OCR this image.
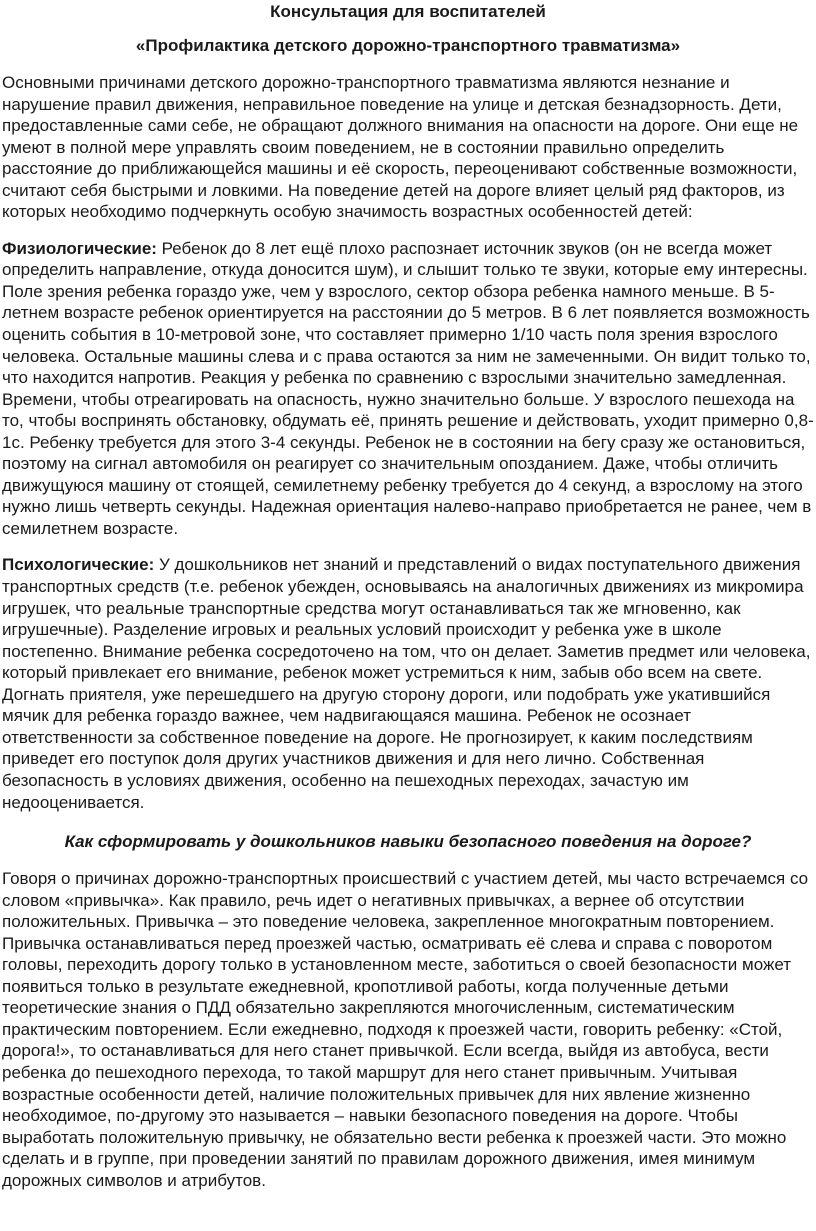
Консультация для воспитателей

«Профилактика детского дорожно-транспортного травматизма»

Основными причинами детского дорожно-транспортного травматизма являются незнание и нарушение правил движения, неправильное поведение на улице и детская безнадзорность. Дети, предоставленные сами себе, не обращают должного внимания на опасности на дороге. Они еще не умеют в полной мере управлять своим поведением, не в состоянии правильно определить расстояние до приближающейся машины и её скорость, переоценивают собственные возможности, считают себя быстрыми и ловкими. На поведение детей на дороге влияет целый ряд факторов, из которых необходимо подчеркнуть особую значимость возрастных особенностей детей:

Физиологические: Ребенок до 8 лет ещё плохо распознает источник звуков (он не всегда может определить направление, откуда доносится шум), и слышит только те звуки, которые ему интересны. Поле зрения ребенка гораздо уже, чем у взрослого, сектор обзора ребенка намного меньше. В 5-летнем возрасте ребенок ориентируется на расстоянии до 5 метров. В 6 лет появляется возможность оценить события в 10-метровой зоне, что составляет примерно 1/10 часть поля зрения взрослого человека. Остальные машины слева и с права остаются за ним не замеченными. Он видит только то, что находится напротив. Реакция у ребенка по сравнению с взрослыми значительно замедленная. Времени, чтобы отреагировать на опасность, нужно значительно больше. У взрослого пешехода на то, чтобы воспринять обстановку, обдумать её, принять решение и действовать, уходит примерно 0,8-1с. Ребенку требуется для этого 3-4 секунды. Ребенок не в состоянии на бегу сразу же остановиться, поэтому на сигнал автомобиля он реагирует со значительным опозданием. Даже, чтобы отличить движущуюся машину от стоящей, семилетнему ребенку требуется до 4 секунд, а взрослому на этого нужно лишь четверть секунды. Надежная ориентация налево-направо приобретается не ранее, чем в семилетнем возрасте.

Психологические: У дошкольников нет знаний и представлений о видах поступательного движения транспортных средств (т.е. ребенок убежден, основываясь на аналогичных движениях из микромира игрушек, что реальные транспортные средства могут останавливаться так же мгновенно, как игрушечные). Разделение игровых и реальных условий происходит у ребенка уже в школе постепенно. Внимание ребенка сосредоточено на том, что он делает. Заметив предмет или человека, который привлекает его внимание, ребенок может устремиться к ним, забыв обо всем на свете. Догнать приятеля, уже перешедшего на другую сторону дороги, или подобрать уже укатившийся мячик для ребенка гораздо важнее, чем надвигающаяся машина. Ребенок не осознает ответственности за собственное поведение на дороге. Не прогнозирует, к каким последствиям приведет его поступок доля других участников движения и для него лично. Собственная безопасность в условиях движения, особенно на пешеходных переходах, зачастую им недооценивается.

Как сформировать у дошкольников навыки безопасного поведения на дороге?

Говоря о причинах дорожно-транспортных происшествий с участием детей, мы часто встречаемся со словом «привычка». Как правило, речь идет о негативных привычках, а вернее об отсутствии положительных. Привычка – это поведение человека, закрепленное многократным повторением. Привычка останавливаться перед проезжей частью, осматривать её слева и справа с поворотом головы, переходить дорогу только в установленном месте, заботиться о своей безопасности может появиться только в результате ежедневной, кропотливой работы, когда полученные детьми теоретические знания о ПДД обязательно закрепляются многочисленным, систематическим практическим повторением. Если ежедневно, подходя к проезжей части, говорить ребенку: «Стой, дорога!», то останавливаться для него станет привычкой. Если всегда, выйдя из автобуса, вести ребенка до пешеходного перехода, то такой маршрут для него станет привычным. Учитывая возрастные особенности детей, наличие положительных привычек для них явление жизненно необходимое, по-другому это называется – навыки безопасного поведения на дороге. Чтобы выработать положительную привычку, не обязательно вести ребенка к проезжей части. Это можно сделать и в группе, при проведении занятий по правилам дорожного движения, имея минимум дорожных символов и атрибутов.
